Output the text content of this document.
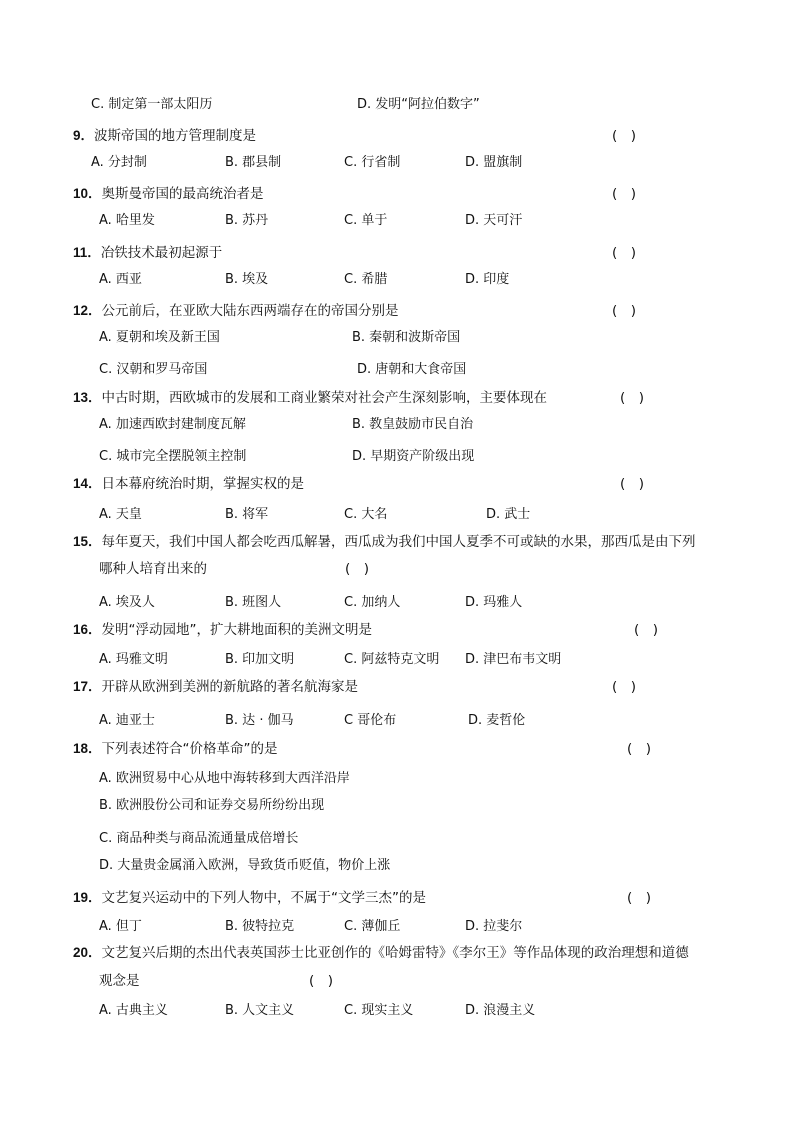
C. 制定第一部太阳历	D. 发明“阿拉伯数字”
9．波斯帝国的地方管理制度是	(　)
A. 分封制	B. 郡县制	C. 行省制	D. 盟旗制
10．奥斯曼帝国的最高统治者是	(　)
A. 哈里发	B. 苏丹	C. 单于	D. 天可汗
11．冶铁技术最初起源于	(　)
A. 西亚	B. 埃及	C. 希腊	D. 印度
12．公元前后，在亚欧大陆东西两端存在的帝国分别是	(　)
A. 夏朝和埃及新王国	B. 秦朝和波斯帝国
C. 汉朝和罗马帝国	D. 唐朝和大食帝国
13．中古时期，西欧城市的发展和工商业繁荣对社会产生深刻影响，主要体现在	(　)
A. 加速西欧封建制度瓦解	B. 教皇鼓励市民自治
C. 城市完全摆脱领主控制	D. 早期资产阶级出现
14．日本幕府统治时期，掌握实权的是	(　)
A. 天皇	B. 将军	C. 大名	D. 武士
15．每年夏天，我们中国人都会吃西瓜解暑，西瓜成为我们中国人夏季不可或缺的水果，那西瓜是由下列
哪种人培育出来的	(　)
A. 埃及人	B. 班图人	C. 加纳人	D. 玛雅人
16．发明“浮动园地”，扩大耕地面积的美洲文明是	(　)
A. 玛雅文明	B. 印加文明	C. 阿兹特克文明 D. 津巴布韦文明
17．开辟从欧洲到美洲的新航路的著名航海家是	(　)
A. 迪亚士	B. 达 · 伽马	C 哥伦布	D. 麦哲伦
18．下列表述符合“价格革命”的是	(　)
A. 欧洲贸易中心从地中海转移到大西洋沿岸
B. 欧洲股份公司和证券交易所纷纷出现
C. 商品种类与商品流通量成倍增长
D. 大量贵金属涌入欧洲，导致货币贬值，物价上涨
19．文艺复兴运动中的下列人物中，不属于“文学三杰”的是	(　)
A. 但丁	B. 彼特拉克	C. 薄伽丘	D. 拉斐尔
20．文艺复兴后期的杰出代表英国莎士比亚创作的《哈姆雷特》《李尔王》等作品体现的政治理想和道德
观念是	(　)
A. 古典主义	B. 人文主义	C. 现实主义	D. 浪漫主义
